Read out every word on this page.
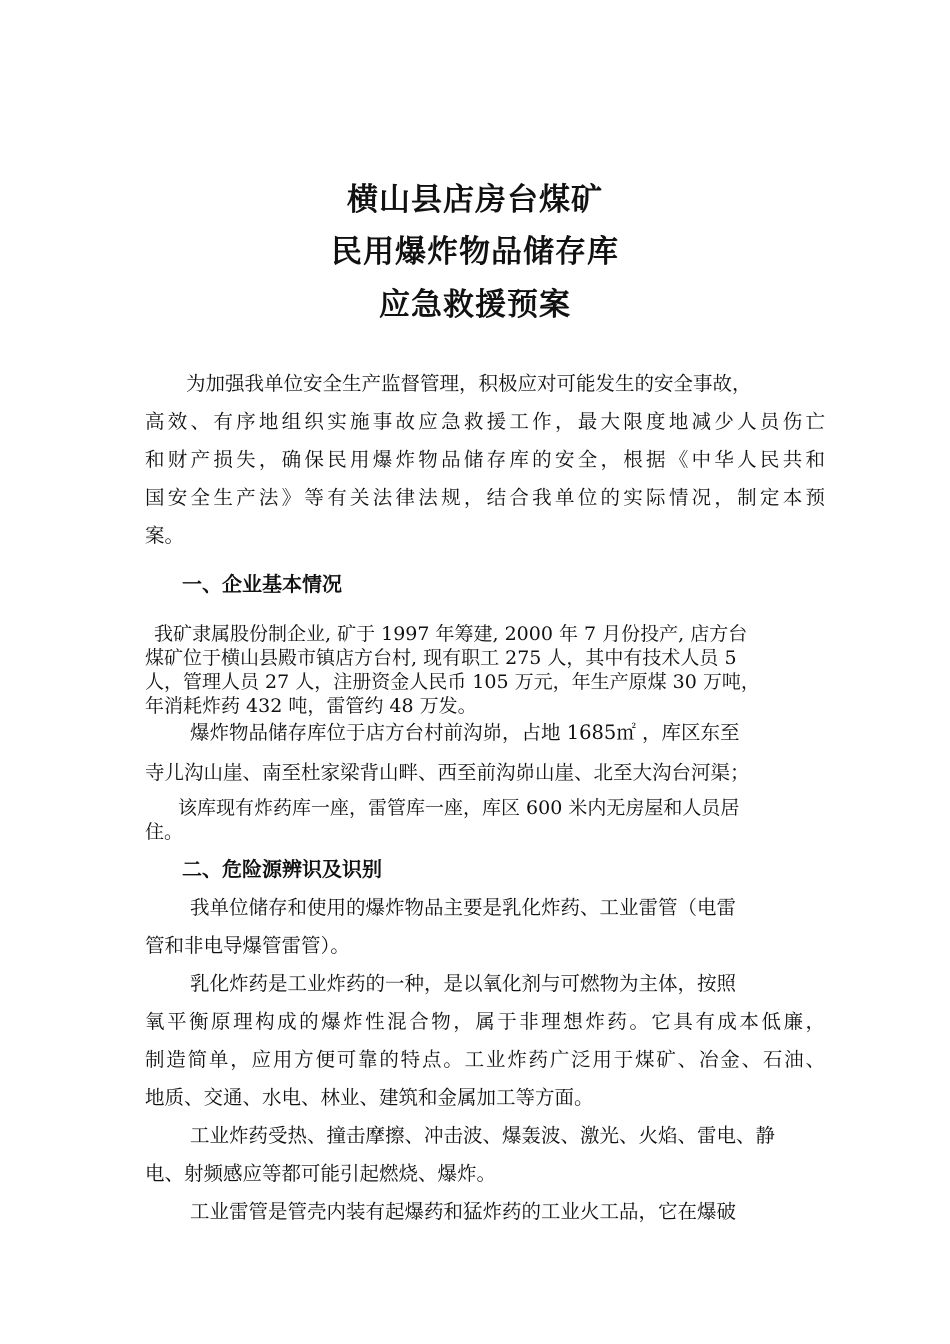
横山县店房台煤矿
民用爆炸物品储存库
应急救援预案
为加强我单位安全生产监督管理，积极应对可能发生的安全事故，
高效、有序地组织实施事故应急救援工作，最大限度地减少人员伤亡
和财产损失，确保民用爆炸物品储存库的安全，根据《中华人民共和
国安全生产法》等有关法律法规，结合我单位的实际情况，制定本预
案。
一、企业基本情况
我矿隶属股份制企业, 矿于 1997 年筹建, 2000 年 7 月份投产, 店方台
煤矿位于横山县殿市镇店方台村, 现有职工 275 人，其中有技术人员 5
人，管理人员 27 人，注册资金人民币 105 万元，年生产原煤 30 万吨，
年消耗炸药 432 吨，雷管约 48 万发。
爆炸物品储存库位于店方台村前沟峁，占地 1685㎡ ，库区东至
寺儿沟山崖、南至杜家梁背山畔、西至前沟峁山崖、北至大沟台河渠；
该库现有炸药库一座，雷管库一座，库区 600 米内无房屋和人员居
住。
二、危险源辨识及识别
我单位储存和使用的爆炸物品主要是乳化炸药、工业雷管（电雷
管和非电导爆管雷管）。
乳化炸药是工业炸药的一种，是以氧化剂与可燃物为主体，按照
氧平衡原理构成的爆炸性混合物，属于非理想炸药。它具有成本低廉，
制造简单，应用方便可靠的特点。工业炸药广泛用于煤矿、冶金、石油、
地质、交通、水电、林业、建筑和金属加工等方面。
工业炸药受热、撞击摩擦、冲击波、爆轰波、激光、火焰、雷电、静
电、射频感应等都可能引起燃烧、爆炸。
工业雷管是管壳内装有起爆药和猛炸药的工业火工品，它在爆破
